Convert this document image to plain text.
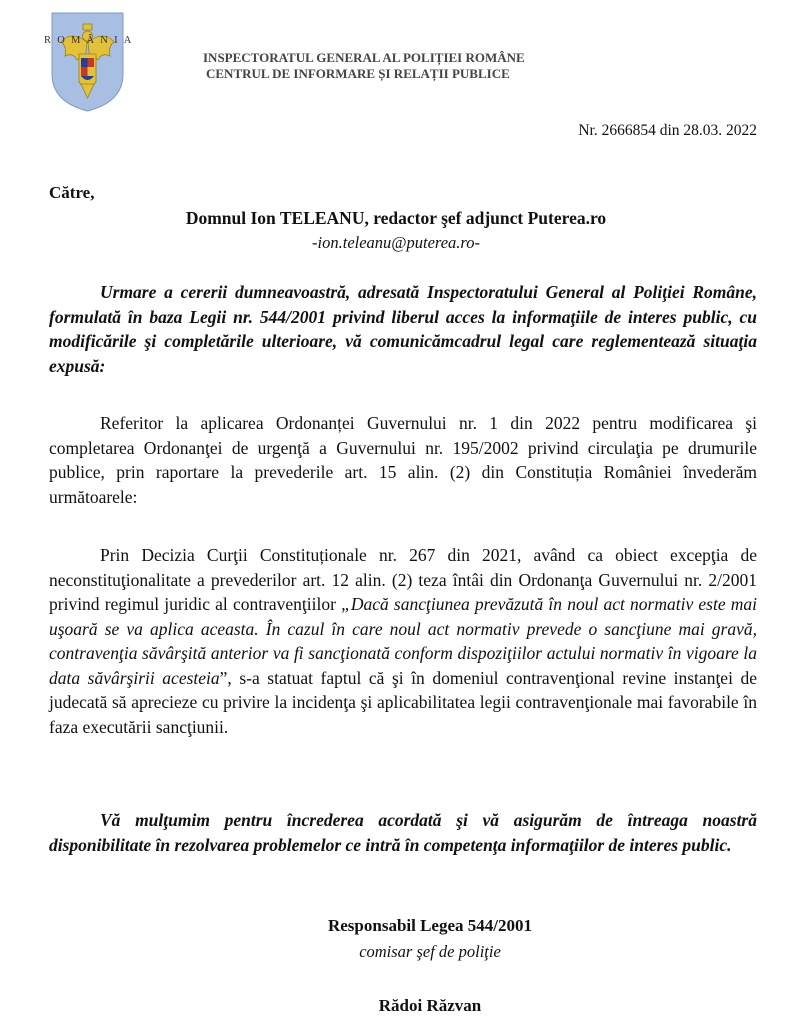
ROMÂNIA
INSPECTORATUL GENERAL AL POLIȚIEI ROMÂNE
CENTRUL DE INFORMARE ȘI RELAȚII PUBLICE
Nr. 2666854 din 28.03. 2022
Către,
Domnul Ion TELEANU, redactor şef adjunct Puterea.ro
-ion.teleanu@puterea.ro-
Urmare a cererii dumneavoastră, adresată Inspectoratului General al Poliţiei Române, formulată în baza Legii nr. 544/2001 privind liberul acces la informaţiile de interes public, cu modificările şi completările ulterioare, vă comunicămcadrul legal care reglementează situaţia expusă:
Referitor la aplicarea Ordonanței Guvernului nr. 1 din 2022 pentru modificarea şi completarea Ordonanţei de urgenţă a Guvernului nr. 195/2002 privind circulaţia pe drumurile publice, prin raportare la prevederile art. 15 alin. (2) din Constituția României învederăm următoarele:
Prin Decizia Curţii Constituționale nr. 267 din 2021, având ca obiect excepţia de neconstituţionalitate a prevederilor art. 12 alin. (2) teza întâi din Ordonanţa Guvernului nr. 2/2001 privind regimul juridic al contravenţiilor „Dacă sancţiunea prevăzută în noul act normativ este mai uşoară se va aplica aceasta. În cazul în care noul act normativ prevede o sancţiune mai gravă, contravenţia săvârşită anterior va fi sancţionată conform dispoziţiilor actului normativ în vigoare la data săvârşirii acesteia”, s-a statuat faptul că şi în domeniul contravenţional revine instanţei de judecată să aprecieze cu privire la incidenţa şi aplicabilitatea legii contravenţionale mai favorabile în faza executării sancţiunii.
Vă mulţumim pentru încrederea acordată şi vă asigurăm de întreaga noastră disponibilitate în rezolvarea problemelor ce intră în competenţa informaţiilor de interes public.
Responsabil Legea 544/2001
comisar şef de poliţie
Rădoi Răzvan
